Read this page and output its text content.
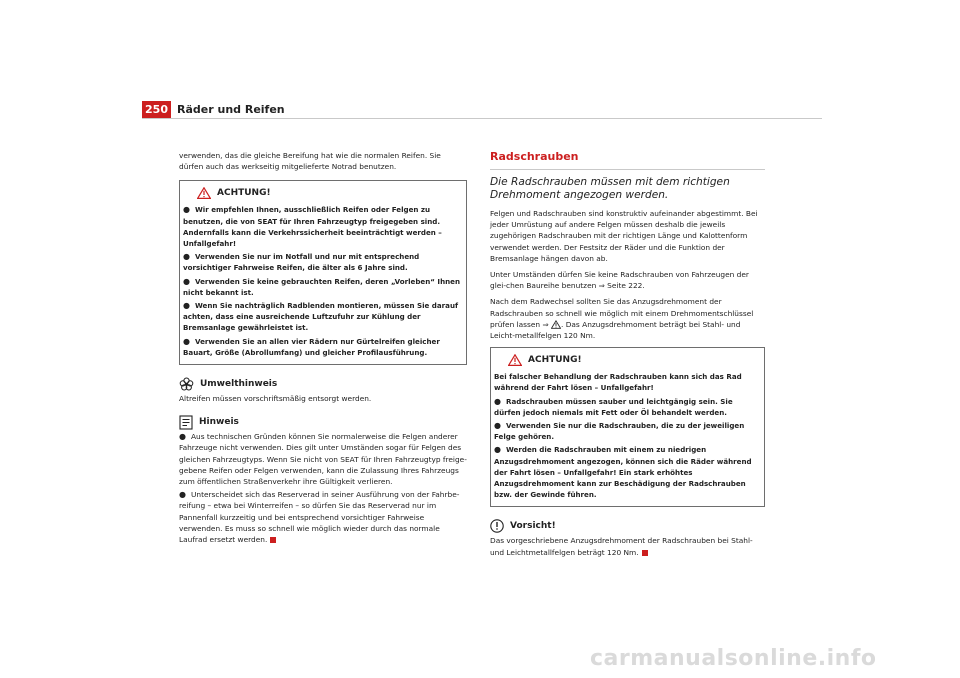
250 Räder und Reifen

verwenden, das die gleiche Bereifung hat wie die normalen Reifen. Sie dürfen auch das werkseitig mitgelieferte Notrad benutzen.

ACHTUNG!

● Wir empfehlen Ihnen, ausschließlich Reifen oder Felgen zu benutzen, die von SEAT für Ihren Fahrzeugtyp freigegeben sind. Andernfalls kann die Verkehrssicherheit beeinträchtigt werden – Unfallgefahr!

● Verwenden Sie nur im Notfall und nur mit entsprechend vorsichtiger Fahrweise Reifen, die älter als 6 Jahre sind.

● Verwenden Sie keine gebrauchten Reifen, deren „Vorleben“ Ihnen nicht bekannt ist.

● Wenn Sie nachträglich Radblenden montieren, müssen Sie darauf achten, dass eine ausreichende Luftzufuhr zur Kühlung der Bremsanlage gewährleistet ist.

● Verwenden Sie an allen vier Rädern nur Gürtelreifen gleicher Bauart, Größe (Abrollumfang) und gleicher Profilausführung.

Umwelthinweis

Altreifen müssen vorschriftsmäßig entsorgt werden.

Hinweis

● Aus technischen Gründen können Sie normalerweise die Felgen anderer Fahrzeuge nicht verwenden. Dies gilt unter Umständen sogar für Felgen des gleichen Fahrzeugtyps. Wenn Sie nicht von SEAT für Ihren Fahrzeugtyp freige-gebene Reifen oder Felgen verwenden, kann die Zulassung Ihres Fahrzeugs zum öffentlichen Straßenverkehr ihre Gültigkeit verlieren.

● Unterscheidet sich das Reserverad in seiner Ausführung von der Fahrbe-reifung – etwa bei Winterreifen – so dürfen Sie das Reserverad nur im Pannenfall kurzzeitig und bei entsprechend vorsichtiger Fahrweise verwenden. Es muss so schnell wie möglich wieder durch das normale Laufrad ersetzt werden.

Radschrauben
Die Radschrauben müssen mit dem richtigen Drehmoment angezogen werden.

Felgen und Radschrauben sind konstruktiv aufeinander abgestimmt. Bei jeder Umrüstung auf andere Felgen müssen deshalb die jeweils zugehörigen Radschrauben mit der richtigen Länge und Kalottenform verwendet werden. Der Festsitz der Räder und die Funktion der Bremsanlage hängen davon ab.

Unter Umständen dürfen Sie keine Radschrauben von Fahrzeugen der glei-chen Baureihe benutzen ⇒ Seite 222.

Nach dem Radwechsel sollten Sie das Anzugsdrehmoment der Radschrauben so schnell wie möglich mit einem Drehmomentschlüssel prüfen lassen ⇒ . Das Anzugsdrehmoment beträgt bei Stahl- und Leicht-metallfelgen 120 Nm.

ACHTUNG!

Bei falscher Behandlung der Radschrauben kann sich das Rad während der Fahrt lösen – Unfallgefahr!

● Radschrauben müssen sauber und leichtgängig sein. Sie dürfen jedoch niemals mit Fett oder Öl behandelt werden.

● Verwenden Sie nur die Radschrauben, die zu der jeweiligen Felge gehören.

● Werden die Radschrauben mit einem zu niedrigen Anzugsdrehmoment angezogen, können sich die Räder während der Fahrt lösen – Unfallgefahr! Ein stark erhöhtes Anzugsdrehmoment kann zur Beschädigung der Radschrauben bzw. der Gewinde führen.

Vorsicht!

Das vorgeschriebene Anzugsdrehmoment der Radschrauben bei Stahl- und Leichtmetallfelgen beträgt 120 Nm.

carmanualsonline.info
